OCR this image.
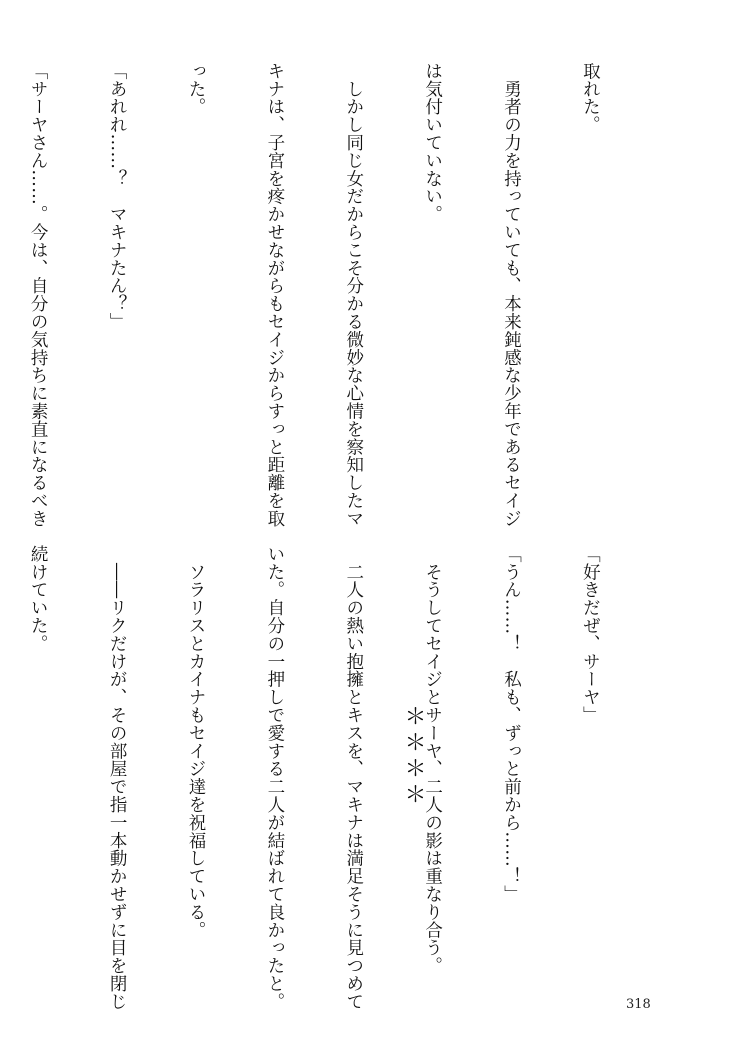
取れた。

　勇者の力を持っていても、本来鈍感な少年であるセイジ

は気付いていない。

　しかし同じ女だからこそ分かる微妙な心情を察知したマ

キナは、子宮を疼かせながらもセイジからすっと距離を取

った。

「あれれ……？　マキナたん？」

「サーヤさん……。今は、自分の気持ちに素直になるべき

「好きだぜ、サーヤ」

「うん……！　私も、ずっと前から……！」

　そうしてセイジとサーヤ、二人の影は重なり合う。

　二人の熱い抱擁とキスを、マキナは満足そうに見つめて

いた。自分の一押しで愛する二人が結ばれて良かったと。

　ソラリスとカイナもセイジ達を祝福している。

　――リクだけが、その部屋で指一本動かせずに目を閉じ

続けていた。

＊＊＊＊
318
